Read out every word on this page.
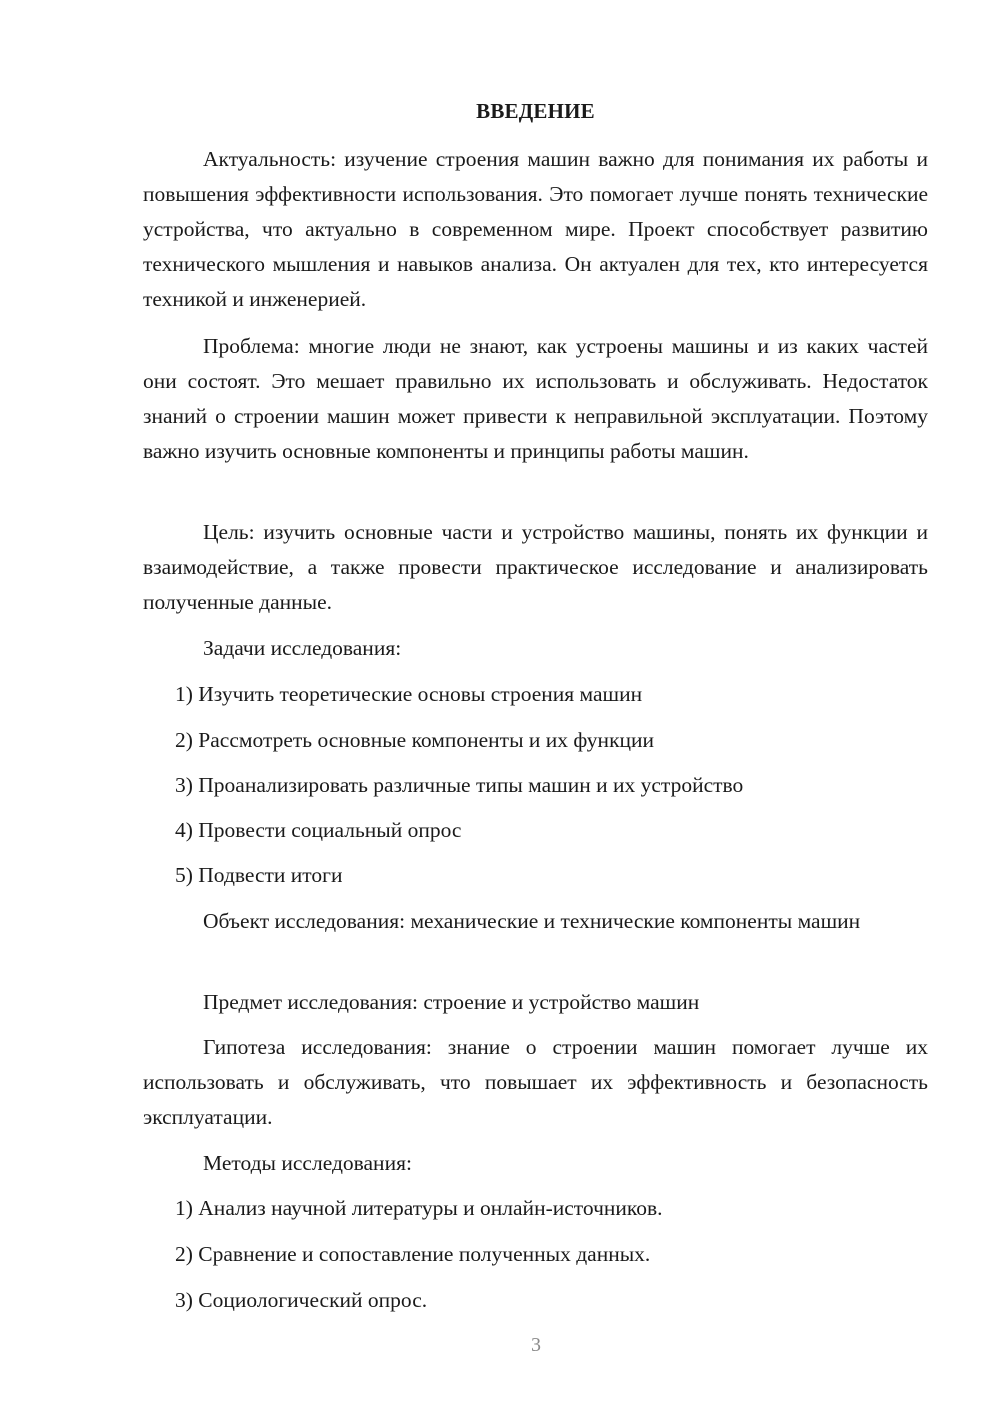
ВВЕДЕНИЕ

Актуальность: изучение строения машин важно для понимания их работы и повышения эффективности использования. Это помогает лучше понять технические устройства, что актуально в современном мире. Проект способствует развитию технического мышления и навыков анализа. Он актуален для тех, кто интересуется техникой и инженерией.

Проблема: многие люди не знают, как устроены машины и из каких частей они состоят. Это мешает правильно их использовать и обслуживать. Недостаток знаний о строении машин может привести к неправильной эксплуатации. Поэтому важно изучить основные компоненты и принципы работы машин.

Цель: изучить основные части и устройство машины, понять их функции и взаимодействие, а также провести практическое исследование и анализировать полученные данные.

Задачи исследования:

1) Изучить теоретические основы строения машин

2) Рассмотреть основные компоненты и их функции

3) Проанализировать различные типы машин и их устройство

4) Провести социальный опрос

5) Подвести итоги

Объект исследования: механические и технические компоненты машин

Предмет исследования: строение и устройство машин

Гипотеза исследования: знание о строении машин помогает лучше их использовать и обслуживать, что повышает их эффективность и безопасность эксплуатации.

Методы исследования:

1) Анализ научной литературы и онлайн-источников.

2) Сравнение и сопоставление полученных данных.

3) Социологический опрос.

3
